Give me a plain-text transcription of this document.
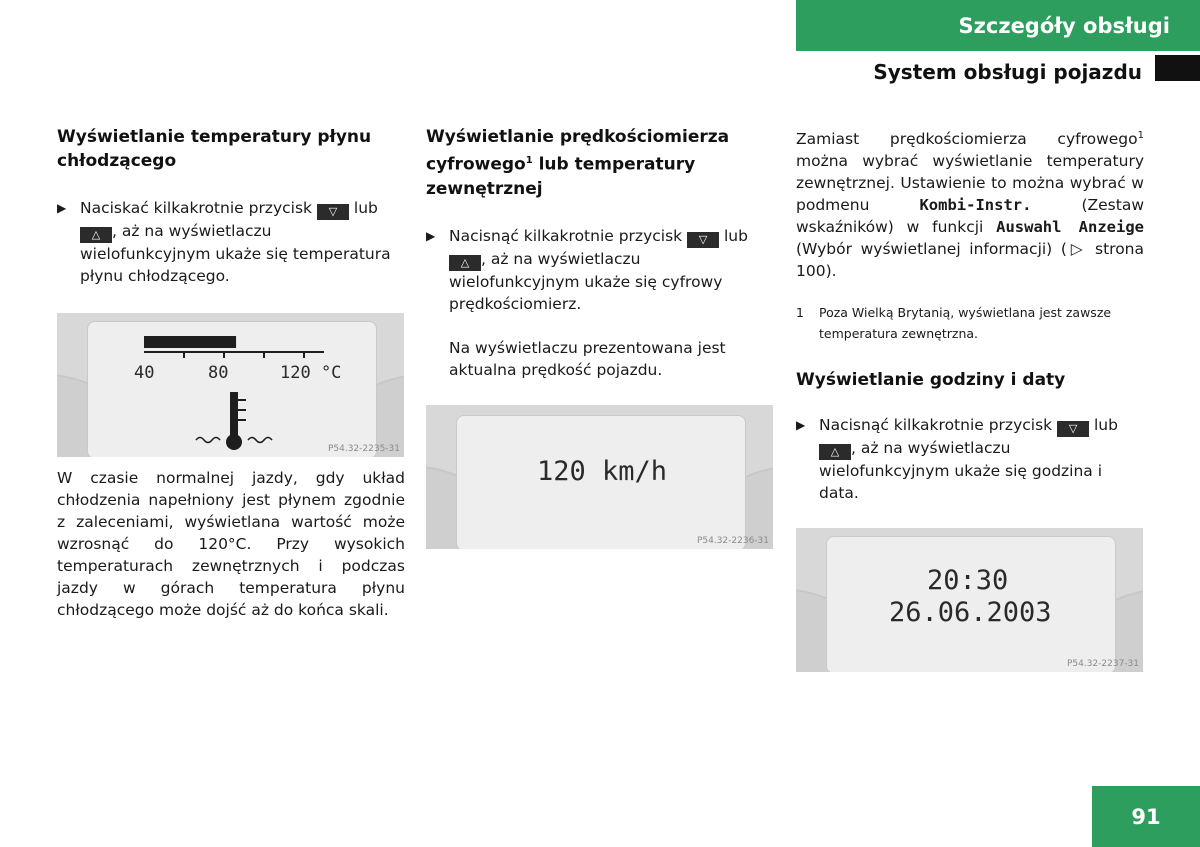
Szczegóły obsługi
System obsługi pojazdu
Wyświetlanie temperatury płynu chłodzącego
▶ Naciskać kilkakrotnie przycisk ▽ lub △ , aż na wyświetlaczu wielofunkcyjnym ukaże się temperatura płynu chłodzącego.
40	80	120 °C
P54.32-2235-31

W czasie normalnej jazdy, gdy układ chłodzenia napełniony jest płynem zgodnie z zaleceniami, wyświetlana wartość może wzrosnąć do 120°C. Przy wysokich temperaturach zewnętrznych i podczas jazdy w górach temperatura płynu chłodzącego może dojść aż do końca skali.

Wyświetlanie prędkościomierza cyfrowego$^1$ lub temperatury zewnętrznej
▶ Nacisnąć kilkakrotnie przycisk ▽ lub △ , aż na wyświetlaczu wielofunkcyjnym ukaże się cyfrowy prędkościomierz.
Na wyświetlaczu prezentowana jest aktualna prędkość pojazdu.
120 km/h
P54.32-2236-31

Zamiast prędkościomierza cyfrowego$^1$ można wybrać wyświetlanie temperatury zewnętrznej. Ustawienie to można wybrać w podmenu Kombi-Instr. (Zestaw wskaźników) w funkcji Auswahl Anzeige (Wybór wyświetlanej informacji) (▷ strona 100).

1	Poza Wielką Brytanią, wyświetlana jest zawsze temperatura zewnętrzna.
Wyświetlanie godziny i daty
▶ Nacisnąć kilkakrotnie przycisk ▽ lub △ , aż na wyświetlaczu wielofunkcyjnym ukaże się godzina i data.
20:30
26.06.2003
P54.32-2237-31
91
